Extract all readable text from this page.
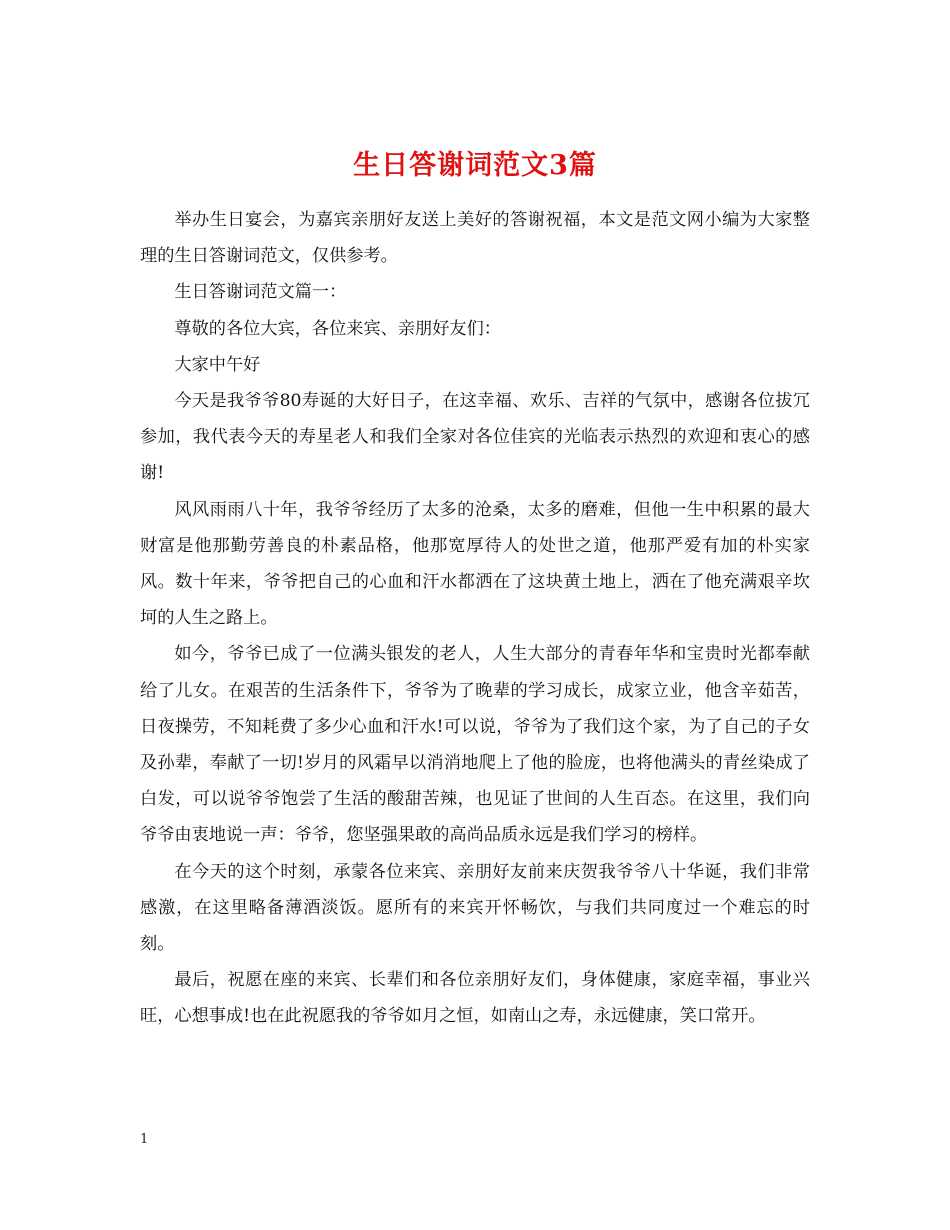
生日答谢词范文3篇

举办生日宴会，为嘉宾亲朋好友送上美好的答谢祝福，本文是范文网小编为大家整理的生日答谢词范文，仅供参考。

生日答谢词范文篇一：

尊敬的各位大宾，各位来宾、亲朋好友们：

大家中午好

今天是我爷爷80寿诞的大好日子，在这幸福、欢乐、吉祥的气氛中，感谢各位拔冗参加，我代表今天的寿星老人和我们全家对各位佳宾的光临表示热烈的欢迎和衷心的感谢!

风风雨雨八十年，我爷爷经历了太多的沧桑，太多的磨难，但他一生中积累的最大财富是他那勤劳善良的朴素品格，他那宽厚待人的处世之道，他那严爱有加的朴实家风。数十年来，爷爷把自己的心血和汗水都洒在了这块黄土地上，洒在了他充满艰辛坎坷的人生之路上。

如今，爷爷已成了一位满头银发的老人，人生大部分的青春年华和宝贵时光都奉献给了儿女。在艰苦的生活条件下，爷爷为了晚辈的学习成长，成家立业，他含辛茹苦，日夜操劳，不知耗费了多少心血和汗水!可以说，爷爷为了我们这个家，为了自己的子女及孙辈，奉献了一切!岁月的风霜早以消消地爬上了他的脸庞，也将他满头的青丝染成了白发，可以说爷爷饱尝了生活的酸甜苦辣，也见证了世间的人生百态。在这里，我们向爷爷由衷地说一声：爷爷，您坚强果敢的高尚品质永远是我们学习的榜样。

在今天的这个时刻，承蒙各位来宾、亲朋好友前来庆贺我爷爷八十华诞，我们非常感激，在这里略备薄酒淡饭。愿所有的来宾开怀畅饮，与我们共同度过一个难忘的时刻。

最后，祝愿在座的来宾、长辈们和各位亲朋好友们，身体健康，家庭幸福，事业兴旺，心想事成!也在此祝愿我的爷爷如月之恒，如南山之寿，永远健康，笑口常开。

1
